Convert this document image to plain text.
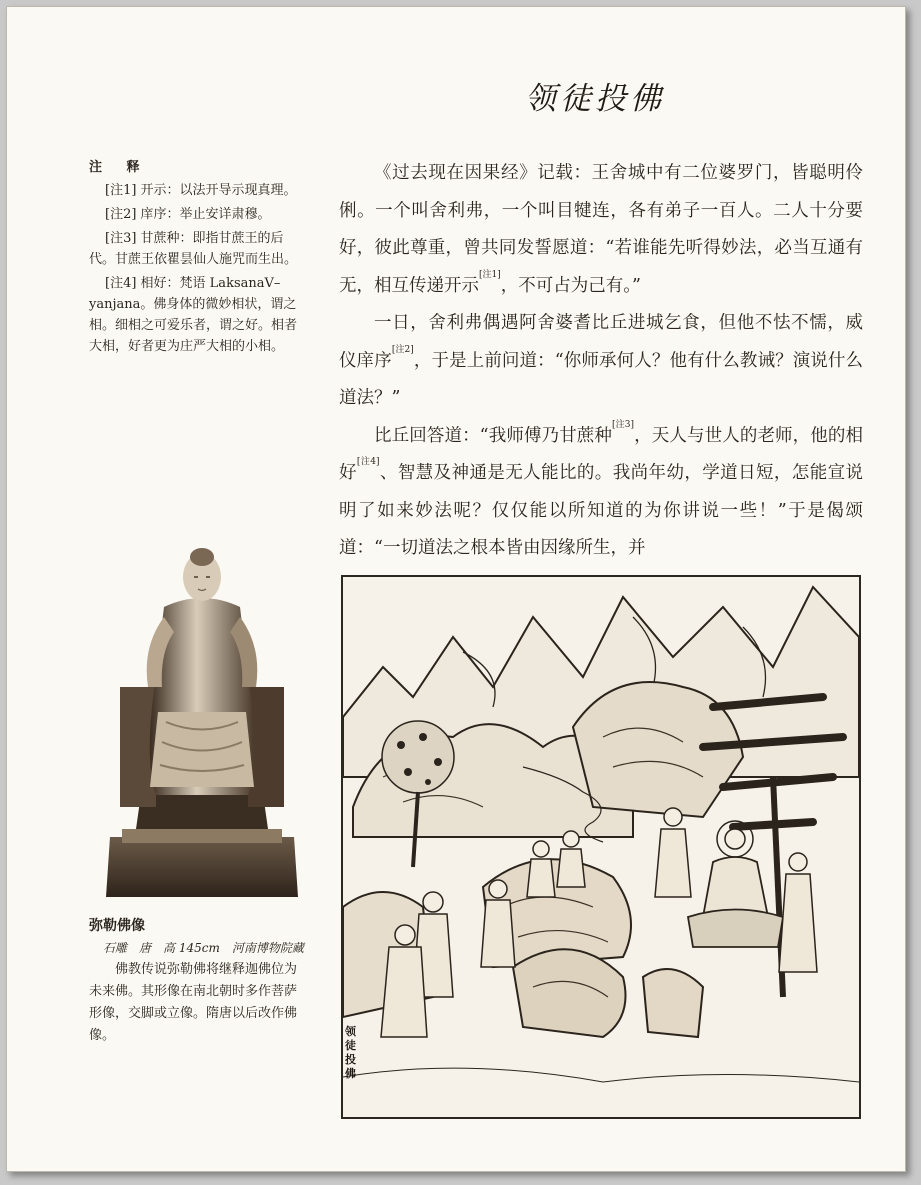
领徒投佛
注 释

[注1] 开示：以法开导示现真理。

[注2] 庠序：举止安详肃穆。

[注3] 甘蔗种：即指甘蔗王的后代。甘蔗王依瞿昙仙人施咒而生出。

[注4] 相好：梵语 LaksanaV–yanjana。佛身体的微妙相状，谓之相。细相之可爱乐者，谓之好。相者大相，好者更为庄严大相的小相。

弥勒佛像
石雕　唐　高 145cm　河南博物院藏
佛教传说弥勒佛将继释迦佛位为未来佛。其形像在南北朝时多作菩萨形像，交脚或立像。隋唐以后改作佛像。

《过去现在因果经》记载：王舍城中有二位婆罗门，皆聪明伶俐。一个叫舍利弗，一个叫目犍连，各有弟子一百人。二人十分要好，彼此尊重，曾共同发誓愿道：“若谁能先听得妙法，必当互通有无，相互传递开示[注1]，不可占为己有。”

一日，舍利弗偶遇阿舍婆耆比丘进城乞食，但他不怯不懦，威仪庠序[注2]，于是上前问道：“你师承何人？他有什么教诫？演说什么道法？”

比丘回答道：“我师傅乃甘蔗种[注3]，天人与世人的老师，他的相好[注4]、智慧及神通是无人能比的。我尚年幼，学道日短，怎能宣说明了如来妙法呢？仅仅能以所知道的为你讲说一些！”于是偈颂道：“一切道法之根本皆由因缘所生，并

领徒投佛
